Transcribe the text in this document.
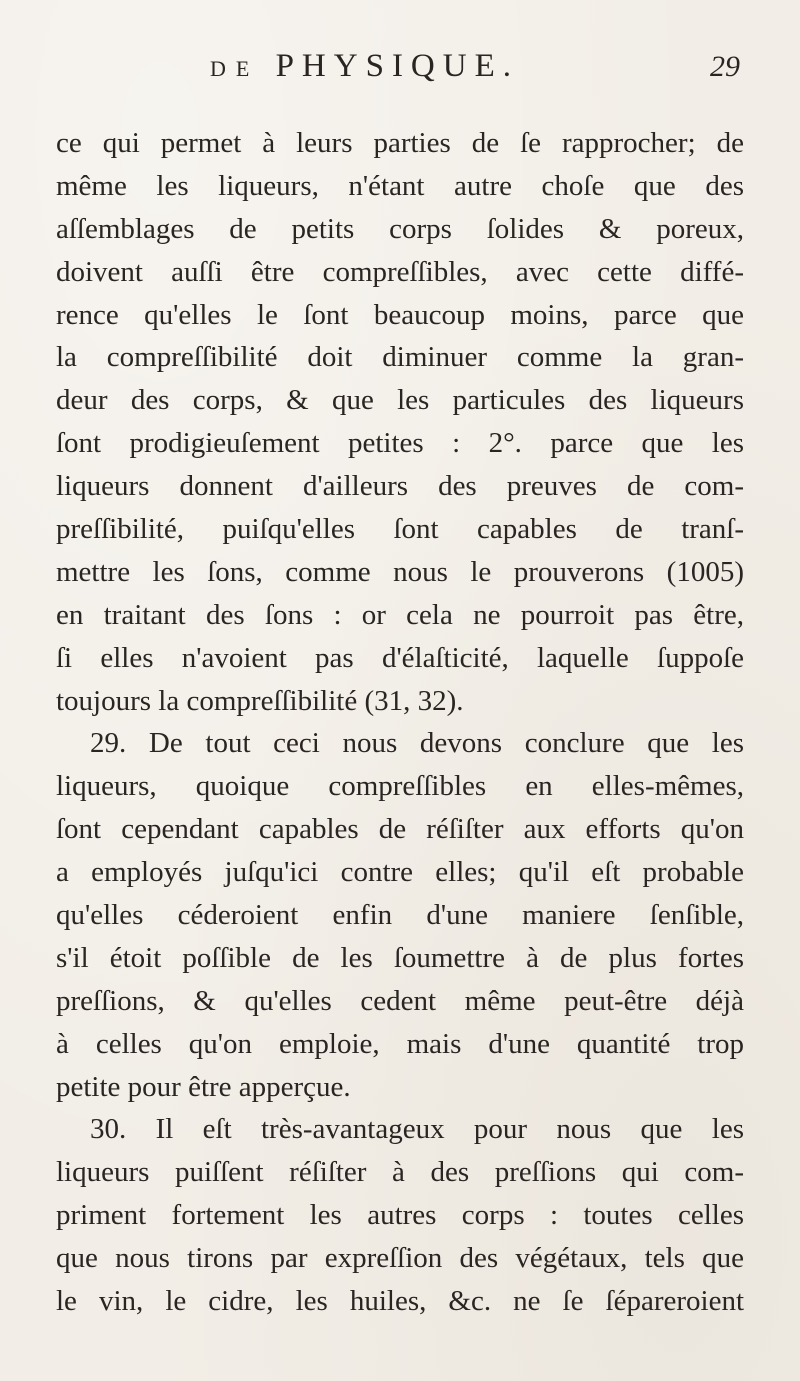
DE PHYSIQUE.	29
ce qui permet à leurs parties de ſe rapprocher; de
même les liqueurs, n'étant autre choſe que des
aſſemblages de petits corps ſolides & poreux,
doivent auſſi être compreſſibles, avec cette diffé-
rence qu'elles le ſont beaucoup moins, parce que
la compreſſibilité doit diminuer comme la gran-
deur des corps, & que les particules des liqueurs
ſont prodigieuſement petites : 2°. parce que les
liqueurs donnent d'ailleurs des preuves de com-
preſſibilité, puiſqu'elles ſont capables de tranſ-
mettre les ſons, comme nous le prouverons (1005)
en traitant des ſons : or cela ne pourroit pas être,
ſi elles n'avoient pas d'élaſticité, laquelle ſuppoſe
toujours la compreſſibilité (31, 32).
29. De tout ceci nous devons conclure que les
liqueurs, quoique compreſſibles en elles-mêmes,
ſont cependant capables de réſiſter aux efforts qu'on
a employés juſqu'ici contre elles; qu'il eſt probable
qu'elles céderoient enfin d'une maniere ſenſible,
s'il étoit poſſible de les ſoumettre à de plus fortes
preſſions, & qu'elles cedent même peut-être déjà
à celles qu'on emploie, mais d'une quantité trop
petite pour être apperçue.
30. Il eſt très-avantageux pour nous que les
liqueurs puiſſent réſiſter à des preſſions qui com-
priment fortement les autres corps : toutes celles
que nous tirons par expreſſion des végétaux, tels que
le vin, le cidre, les huiles, &c. ne ſe ſépareroient
